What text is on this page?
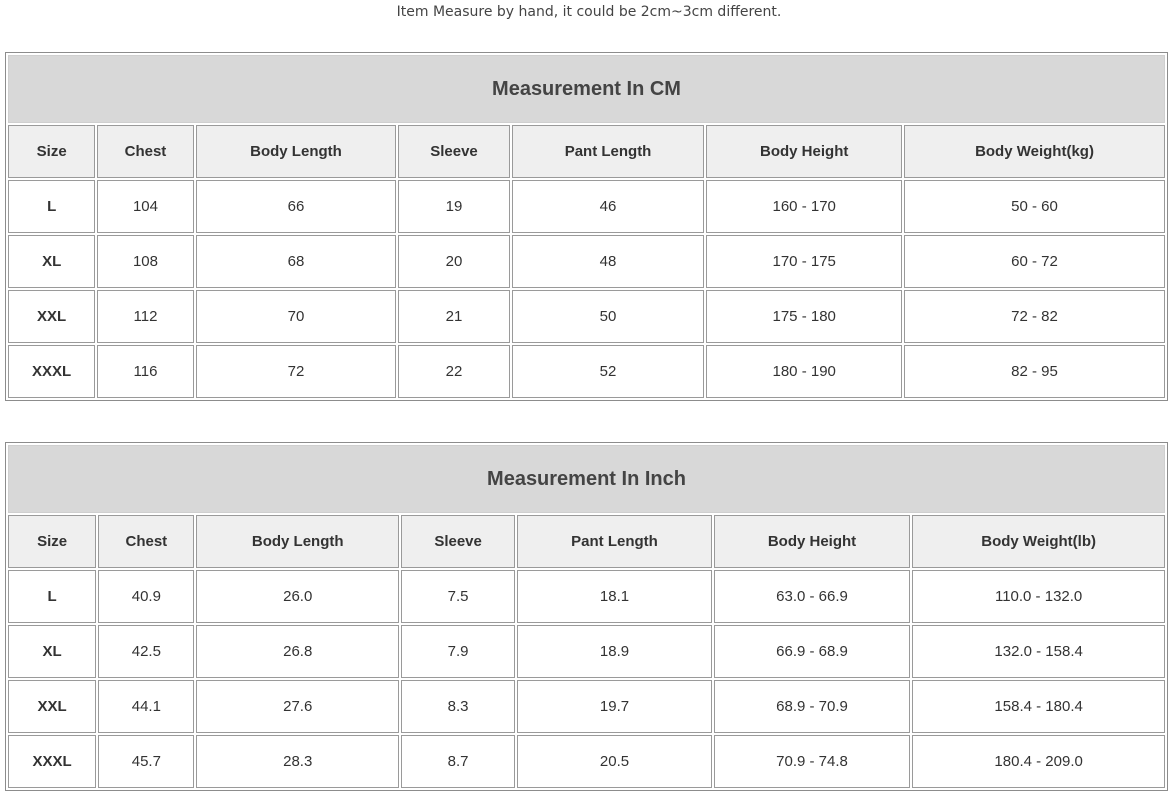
Item Measure by hand, it could be 2cm~3cm different.
Measurement In CM						
Size	Chest	Body Length	Sleeve	Pant Length	Body Height	Body Weight(kg)
L	104	66	19	46	160 - 170	50 - 60
XL	108	68	20	48	170 - 175	60 - 72
XXL	112	70	21	50	175 - 180	72 - 82
XXXL	116	72	22	52	180 - 190	82 - 95
Measurement In Inch						
Size	Chest	Body Length	Sleeve	Pant Length	Body Height	Body Weight(lb)
L	40.9	26.0	7.5	18.1	63.0 - 66.9	110.0 - 132.0
XL	42.5	26.8	7.9	18.9	66.9 - 68.9	132.0 - 158.4
XXL	44.1	27.6	8.3	19.7	68.9 - 70.9	158.4 - 180.4
XXXL	45.7	28.3	8.7	20.5	70.9 - 74.8	180.4 - 209.0
